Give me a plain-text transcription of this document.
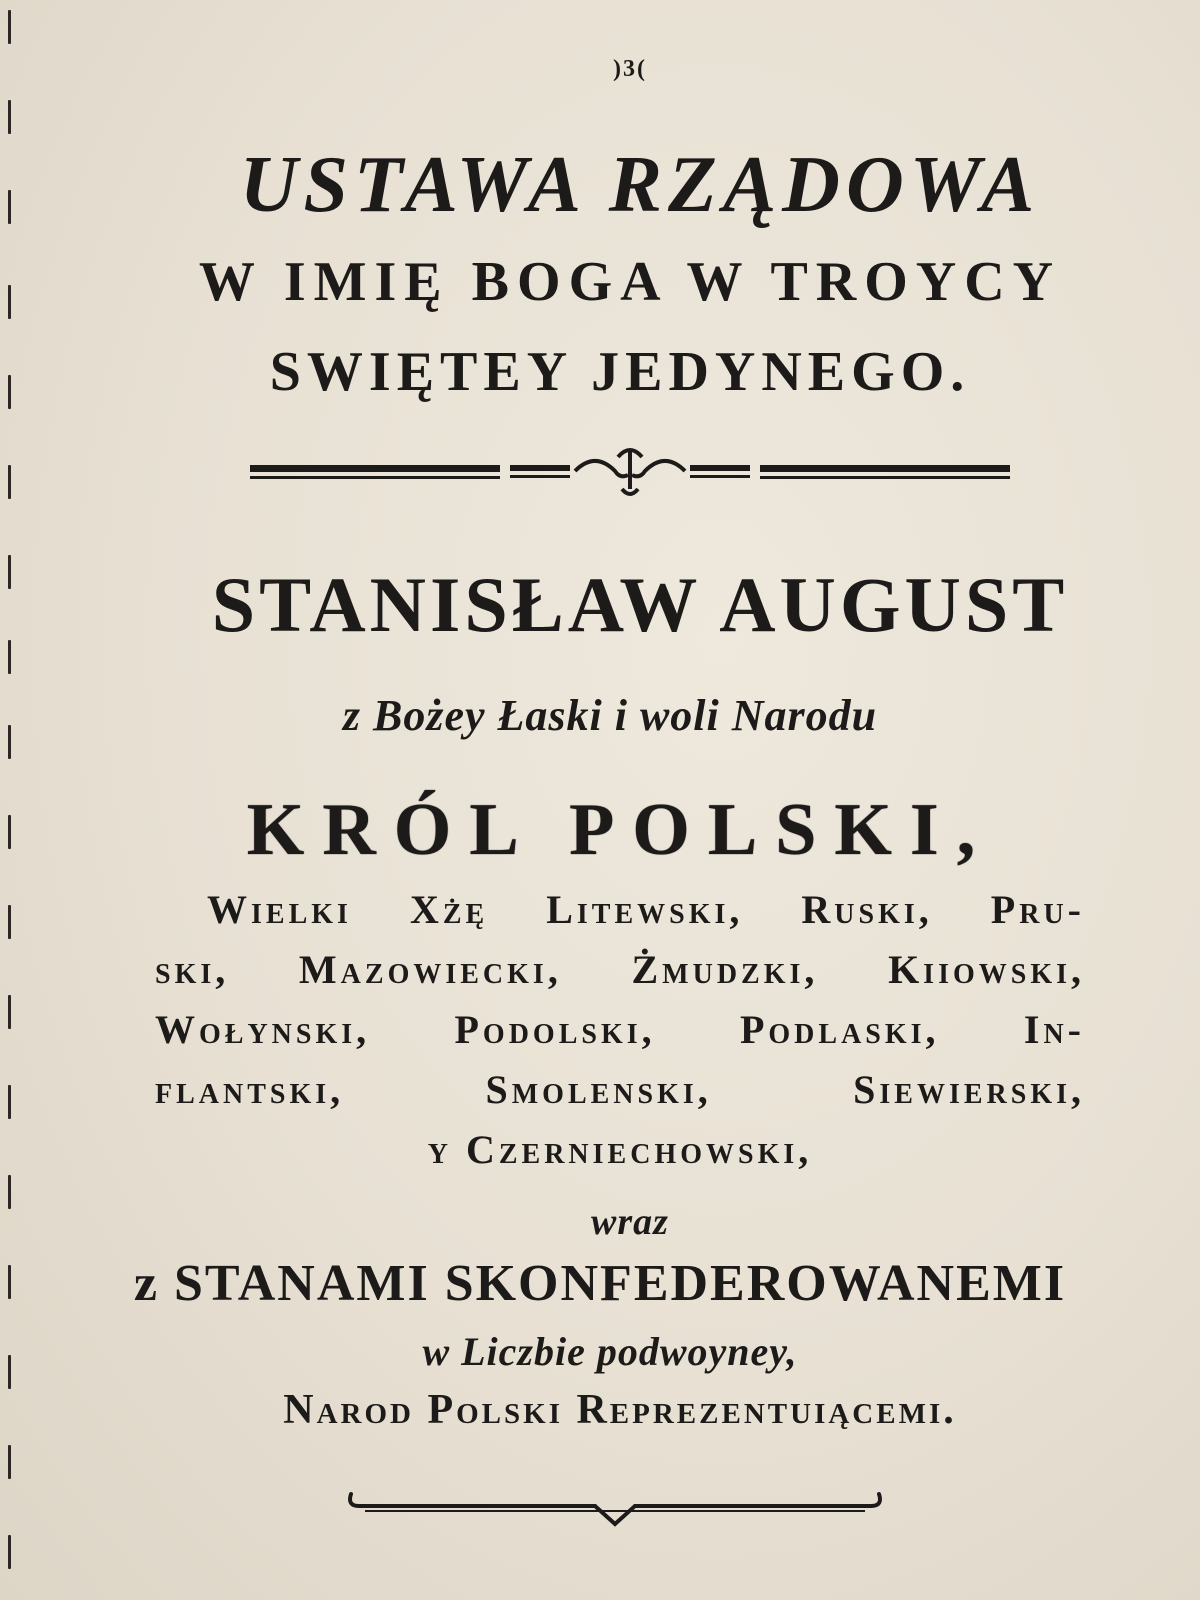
)3(
USTAWA RZĄDOWA
W IMIĘ BOGA W TROYCY
SWIĘTEY JEDYNEGO.
STANISŁAW AUGUST
z Bożey Łaski i woli Narodu
KRÓL POLSKI,
Wielki Xżę Litewski, Ruski, Pru-
ski, Mazowiecki, Żmudzki, Kiiowski,
Wołynski, Podolski, Podlaski, In-
flantski, Smolenski, Siewierski,
y Czerniechowski,
wraz
z STANAMI SKONFEDEROWANEMI
w Liczbie podwoyney,
Narod Polski Reprezentuiącemi.
